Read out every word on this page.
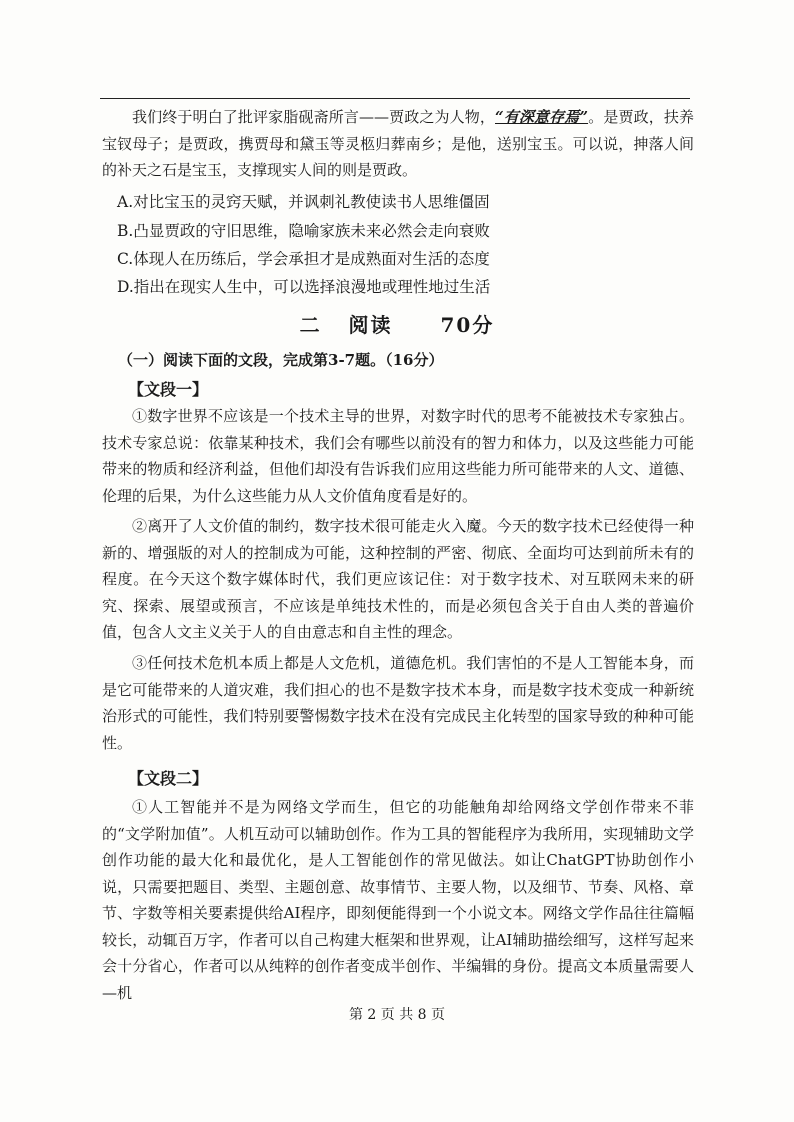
我们终于明白了批评家脂砚斋所言——贾政之为人物，“有深意存焉”。是贾政，扶养宝钗母子；是贾政，携贾母和黛玉等灵柩归葬南乡；是他，送别宝玉。可以说，抻落人间的补天之石是宝玉，支撑现实人间的则是贾政。

A.对比宝玉的灵窍天赋，并讽刺礼教使读书人思维僵固

B.凸显贾政的守旧思维，隐喻家族未来必然会走向衰败

C.体现人在历练后，学会承担才是成熟面对生活的态度

D.指出在现实人生中，可以选择浪漫地或理性地过生活

二 阅读 70分
（一）阅读下面的文段，完成第3-7题。（16分）
【文段一】

①数字世界不应该是一个技术主导的世界，对数字时代的思考不能被技术专家独占。技术专家总说：依靠某种技术，我们会有哪些以前没有的智力和体力，以及这些能力可能带来的物质和经济利益，但他们却没有告诉我们应用这些能力所可能带来的人文、道德、伦理的后果，为什么这些能力从人文价值角度看是好的。

②离开了人文价值的制约，数字技术很可能走火入魔。今天的数字技术已经使得一种新的、增强版的对人的控制成为可能，这种控制的严密、彻底、全面均可达到前所未有的程度。在今天这个数字媒体时代，我们更应该记住：对于数字技术、对互联网未来的研究、探索、展望或预言，不应该是单纯技术性的，而是必须包含关于自由人类的普遍价值，包含人文主义关于人的自由意志和自主性的理念。

③任何技术危机本质上都是人文危机，道德危机。我们害怕的不是人工智能本身，而是它可能带来的人道灾难，我们担心的也不是数字技术本身，而是数字技术变成一种新统治形式的可能性，我们特别要警惕数字技术在没有完成民主化转型的国家导致的种种可能性。

【文段二】

①人工智能并不是为网络文学而生，但它的功能触角却给网络文学创作带来不菲的“文学附加值”。人机互动可以辅助创作。作为工具的智能程序为我所用，实现辅助文学创作功能的最大化和最优化，是人工智能创作的常见做法。如让ChatGPT协助创作小说，只需要把题目、类型、主题创意、故事情节、主要人物，以及细节、节奏、风格、章节、字数等相关要素提供给AI程序，即刻便能得到一个小说文本。网络文学作品往往篇幅较长，动辄百万字，作者可以自己构建大框架和世界观，让AI辅助描绘细写，这样写起来会十分省心，作者可以从纯粹的创作者变成半创作、半编辑的身份。提高文本质量需要人—机

第 2 页 共 8 页
